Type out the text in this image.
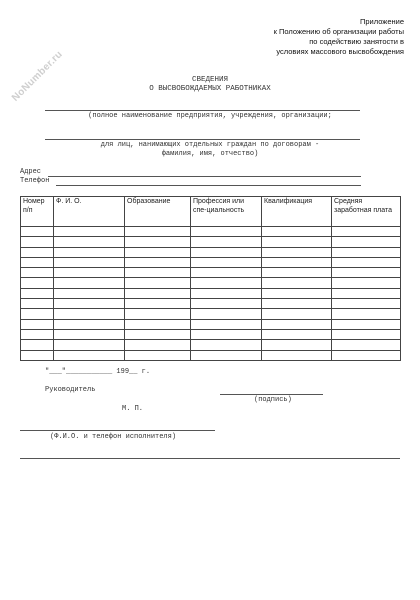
NoNumber.ru
Приложение
к Положению об организации работы
по содействию занятости в
условиях массового высвобождения
СВЕДЕНИЯ
О ВЫСВОБОЖДАЕМЫХ РАБОТНИКАХ
(полное наименование предприятия, учреждения, организации;
для лиц, нанимающих отдельных граждан по договорам -
фамилия, имя, отчество)
Адрес
Телефон
Номер п/п	Ф. И. О.	Образование	Профессия или спе-циальность	Квалификация	Средняя заработная плата

"___"___________ 199__ г.
Руководитель
(подпись)
М. П.
(Ф.И.О. и телефон исполнителя)
